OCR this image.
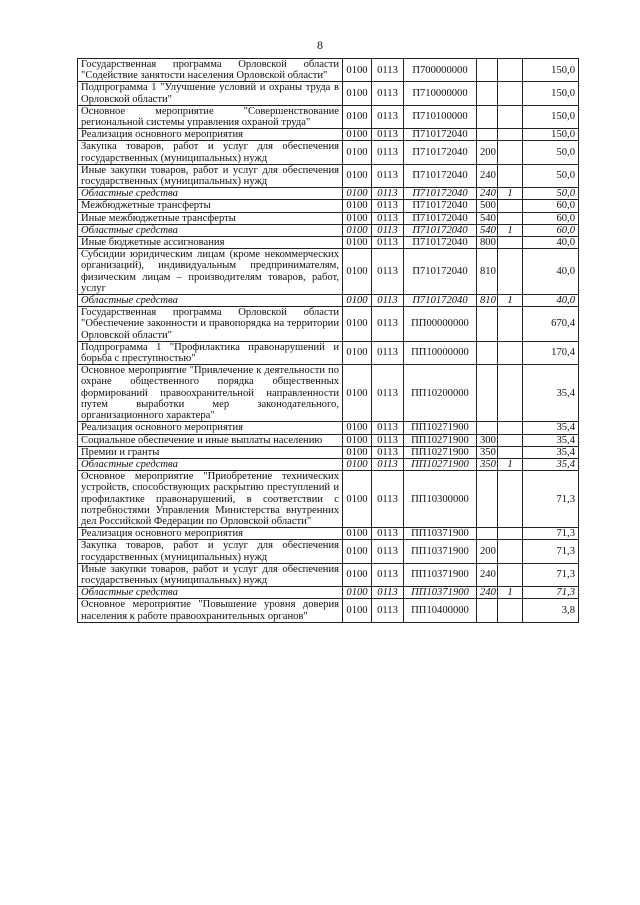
8
Государственная программа Орловской области "Содействие занятости населения Орловской области"	0100	0113	П700000000			150,0
Подпрограмма 1 "Улучшение условий и охраны труда в Орловской области"	0100	0113	П710000000			150,0
Основное мероприятие "Совершенствование региональной системы управления охраной труда"	0100	0113	П710100000			150,0
Реализация основного мероприятия	0100	0113	П710172040			150,0
Закупка товаров, работ и услуг для обеспечения государственных (муниципальных) нужд	0100	0113	П710172040	200		50,0
Иные закупки товаров, работ и услуг для обеспечения государственных (муниципальных) нужд	0100	0113	П710172040	240		50,0
Областные средства	0100	0113	П710172040	240	1	50,0
Межбюджетные трансферты	0100	0113	П710172040	500		60,0
Иные межбюджетные трансферты	0100	0113	П710172040	540		60,0
Областные средства	0100	0113	П710172040	540	1	60,0
Иные бюджетные ассигнования	0100	0113	П710172040	800		40,0
Субсидии юридическим лицам (кроме некоммерческих организаций), индивидуальным предпринимателям, физическим лицам – производителям товаров, работ, услуг	0100	0113	П710172040	810		40,0
Областные средства	0100	0113	П710172040	810	1	40,0
Государственная программа Орловской области "Обеспечение законности и правопорядка на территории Орловской области"	0100	0113	ПП00000000			670,4
Подпрограмма 1 "Профилактика правонарушений и борьба с преступностью"	0100	0113	ПП10000000			170,4
Основное мероприятие "Привлечение к деятельности по охране общественного порядка общественных формирований правоохранительной направленности путем выработки мер законодательного, организационного характера"	0100	0113	ПП10200000			35,4
Реализация основного мероприятия	0100	0113	ПП10271900			35,4
Социальное обеспечение и иные выплаты населению	0100	0113	ПП10271900	300		35,4
Премии и гранты	0100	0113	ПП10271900	350		35,4
Областные средства	0100	0113	ПП10271900	350	1	35,4
Основное мероприятие "Приобретение технических устройств, способствующих раскрытию преступлений и профилактике правонарушений, в соответствии с потребностями Управления Министерства внутренних дел Российской Федерации по Орловской области"	0100	0113	ПП10300000			71,3
Реализация основного мероприятия	0100	0113	ПП10371900			71,3
Закупка товаров, работ и услуг для обеспечения государственных (муниципальных) нужд	0100	0113	ПП10371900	200		71,3
Иные закупки товаров, работ и услуг для обеспечения государственных (муниципальных) нужд	0100	0113	ПП10371900	240		71,3
Областные средства	0100	0113	ПП10371900	240	1	71,3
Основное мероприятие "Повышение уровня доверия населения к работе правоохранительных органов"	0100	0113	ПП10400000			3,8
